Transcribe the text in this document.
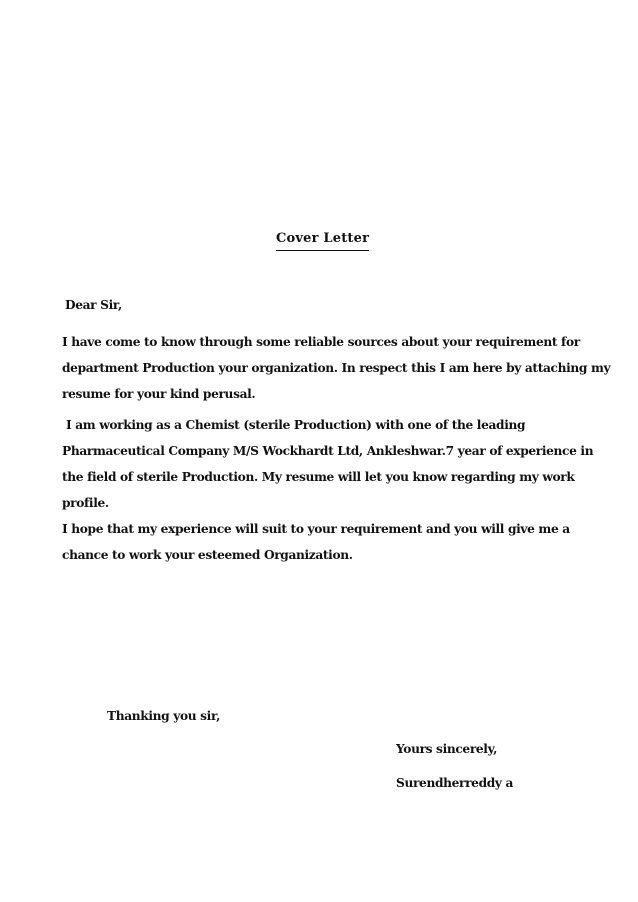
Cover Letter
Dear Sir,
I have come to know through some reliable sources about your requirement for
department Production your organization. In respect this I am here by attaching my
resume for your kind perusal.
I am working as a Chemist (sterile Production) with one of the leading
Pharmaceutical Company M/S Wockhardt Ltd, Ankleshwar.7 year of experience in
the field of sterile Production. My resume will let you know regarding my work
profile.
I hope that my experience will suit to your requirement and you will give me a
chance to work your esteemed Organization.
Thanking you sir,
Yours sincerely,
Surendherreddy a
